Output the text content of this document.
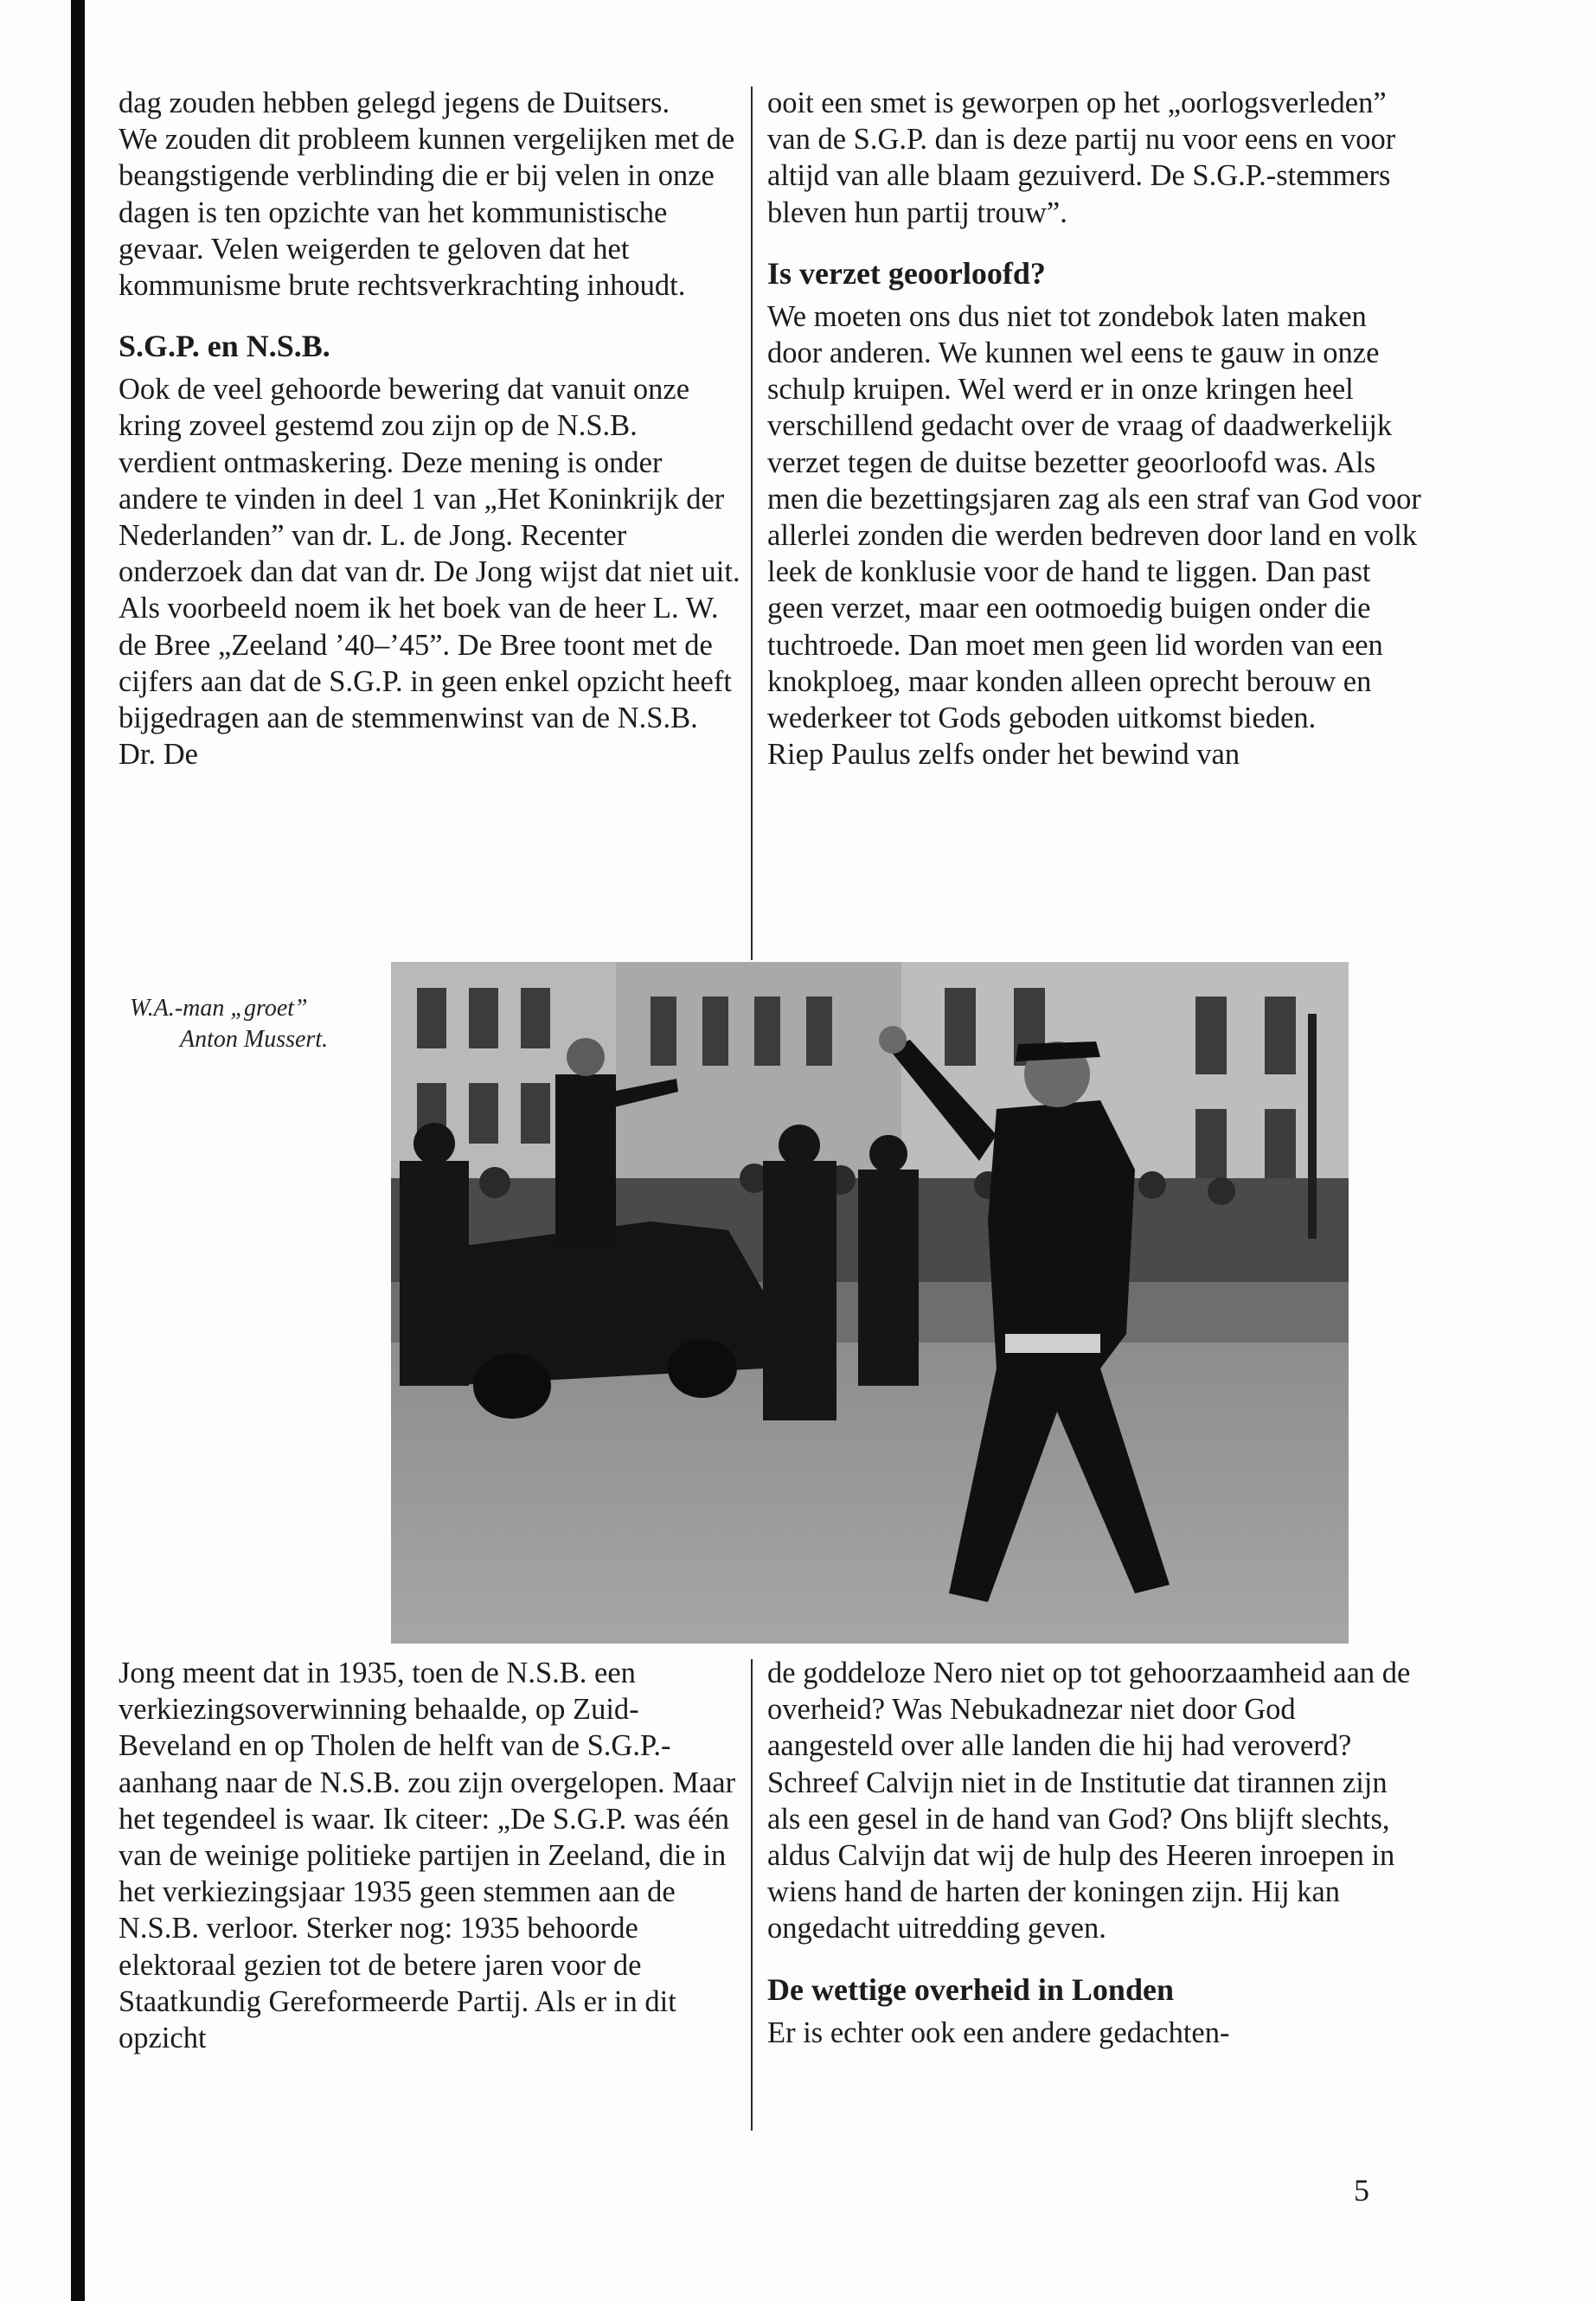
dag zouden hebben gelegd jegens de Duitsers.

We zouden dit probleem kunnen vergelijken met de beangstigende verblinding die er bij velen in onze dagen is ten opzichte van het kommunistische gevaar. Velen weigerden te geloven dat het kommunisme brute rechtsverkrachting inhoudt.

S.G.P. en N.S.B.

Ook de veel gehoorde bewering dat vanuit onze kring zoveel gestemd zou zijn op de N.S.B. verdient ontmaskering. Deze mening is onder andere te vinden in deel 1 van „Het Koninkrijk der Nederlanden” van dr. L. de Jong. Recenter onderzoek dan dat van dr. De Jong wijst dat niet uit. Als voorbeeld noem ik het boek van de heer L. W. de Bree „Zeeland ’40–’45”. De Bree toont met de cijfers aan dat de S.G.P. in geen enkel opzicht heeft bijgedragen aan de stemmenwinst van de N.S.B. Dr. De

ooit een smet is geworpen op het „oorlogsverleden” van de S.G.P. dan is deze partij nu voor eens en voor altijd van alle blaam gezuiverd. De S.G.P.-stemmers bleven hun partij trouw”.

Is verzet geoorloofd?

We moeten ons dus niet tot zondebok laten maken door anderen. We kunnen wel eens te gauw in onze schulp kruipen. Wel werd er in onze kringen heel verschillend gedacht over de vraag of daadwerkelijk verzet tegen de duitse bezetter geoorloofd was. Als men die bezettingsjaren zag als een straf van God voor allerlei zonden die werden bedreven door land en volk leek de konklusie voor de hand te liggen. Dan past geen verzet, maar een ootmoedig buigen onder die tuchtroede. Dan moet men geen lid worden van een knokploeg, maar konden alleen oprecht berouw en wederkeer tot Gods geboden uitkomst bieden.

Riep Paulus zelfs onder het bewind van

W.A.-man „groet”
Anton Mussert.

Jong meent dat in 1935, toen de N.S.B. een verkiezingsoverwinning behaalde, op Zuid-Beveland en op Tholen de helft van de S.G.P.-aanhang naar de N.S.B. zou zijn overgelopen. Maar het tegendeel is waar. Ik citeer: „De S.G.P. was één van de weinige politieke partijen in Zeeland, die in het verkiezingsjaar 1935 geen stemmen aan de N.S.B. verloor. Sterker nog: 1935 behoorde elektoraal gezien tot de betere jaren voor de Staatkundig Gereformeerde Partij. Als er in dit opzicht

de goddeloze Nero niet op tot gehoorzaamheid aan de overheid? Was Nebukadnezar niet door God aangesteld over alle landen die hij had veroverd? Schreef Calvijn niet in de Institutie dat tirannen zijn als een gesel in de hand van God? Ons blijft slechts, aldus Calvijn dat wij de hulp des Heeren inroepen in wiens hand de harten der koningen zijn. Hij kan ongedacht uitredding geven.

De wettige overheid in Londen

Er is echter ook een andere gedachten-

5
